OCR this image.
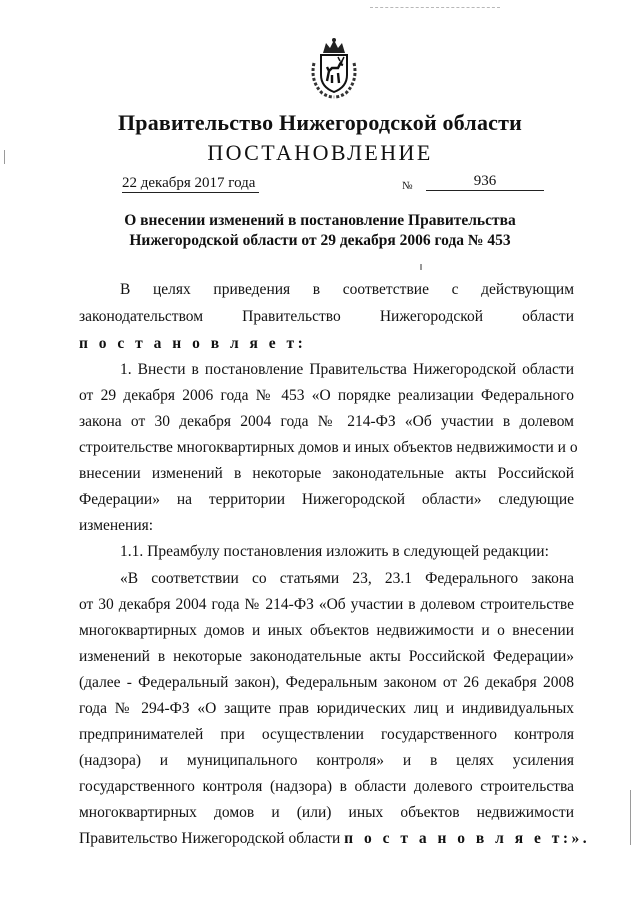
Правительство Нижегородской области
ПОСТАНОВЛЕНИЕ
22 декабря 2017 года	№	936
О внесении изменений в постановление Правительства
Нижегородской области от 29 декабря 2006 года № 453
В целях приведения в соответствие с действующим
законодательством Правительство Нижегородской области
п о с т а н о в л я е т:
1. Внести в постановление Правительства Нижегородской области
от 29 декабря 2006 года № 453 «О порядке реализации Федерального
закона от 30 декабря 2004 года № 214-ФЗ «Об участии в долевом
строительстве многоквартирных домов и иных объектов недвижимости и о
внесении изменений в некоторые законодательные акты Российской
Федерации» на территории Нижегородской области» следующие
изменения:
1.1. Преамбулу постановления изложить в следующей редакции:
«В соответствии со статьями 23, 23.1 Федерального закона
от 30 декабря 2004 года № 214-ФЗ «Об участии в долевом строительстве
многоквартирных домов и иных объектов недвижимости и о внесении
изменений в некоторые законодательные акты Российской Федерации»
(далее - Федеральный закон), Федеральным законом от 26 декабря 2008
года № 294-ФЗ «О защите прав юридических лиц и индивидуальных
предпринимателей при осуществлении государственного контроля
(надзора) и муниципального контроля» и в целях усиления
государственного контроля (надзора) в области долевого строительства
многоквартирных домов и (или) иных объектов недвижимости
Правительство Нижегородской области п о с т а н о в л я е т:».
